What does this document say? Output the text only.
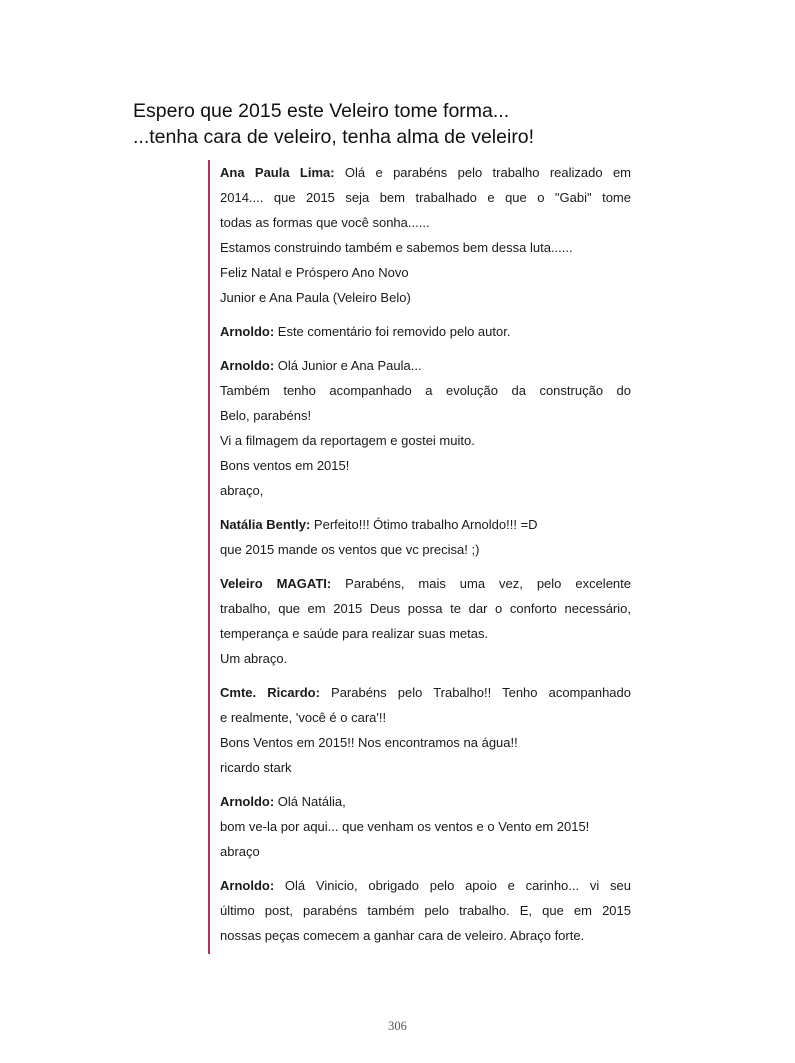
Espero que 2015 este Veleiro tome forma...
...tenha cara de veleiro, tenha alma de veleiro!
Ana Paula Lima: Olá e parabéns pelo trabalho realizado em
2014.... que 2015 seja bem trabalhado e que o "Gabi" tome
todas as formas que você sonha......
Estamos construindo também e sabemos bem dessa luta......
Feliz Natal e Próspero Ano Novo
Junior e Ana Paula (Veleiro Belo)
Arnoldo: Este comentário foi removido pelo autor.
Arnoldo: Olá Junior e Ana Paula...
Também tenho acompanhado a evolução da construção do
Belo, parabéns!
Vi a filmagem da reportagem e gostei muito.
Bons ventos em 2015!
abraço,
Natália Bently: Perfeito!!! Ótimo trabalho Arnoldo!!! =D
que 2015 mande os ventos que vc precisa! ;)
Veleiro MAGATI: Parabéns, mais uma vez, pelo excelente
trabalho, que em 2015 Deus possa te dar o conforto necessário,
temperança e saúde para realizar suas metas.
Um abraço.
Cmte. Ricardo: Parabéns pelo Trabalho!! Tenho acompanhado
e realmente, 'você é o cara'!!
Bons Ventos em 2015!! Nos encontramos na água!!
ricardo stark
Arnoldo: Olá Natália,
bom ve-la por aqui... que venham os ventos e o Vento em 2015!
abraço
Arnoldo: Olá Vinicio, obrigado pelo apoio e carinho... vi seu
último post, parabéns também pelo trabalho. E, que em 2015
nossas peças comecem a ganhar cara de veleiro. Abraço forte.
306
